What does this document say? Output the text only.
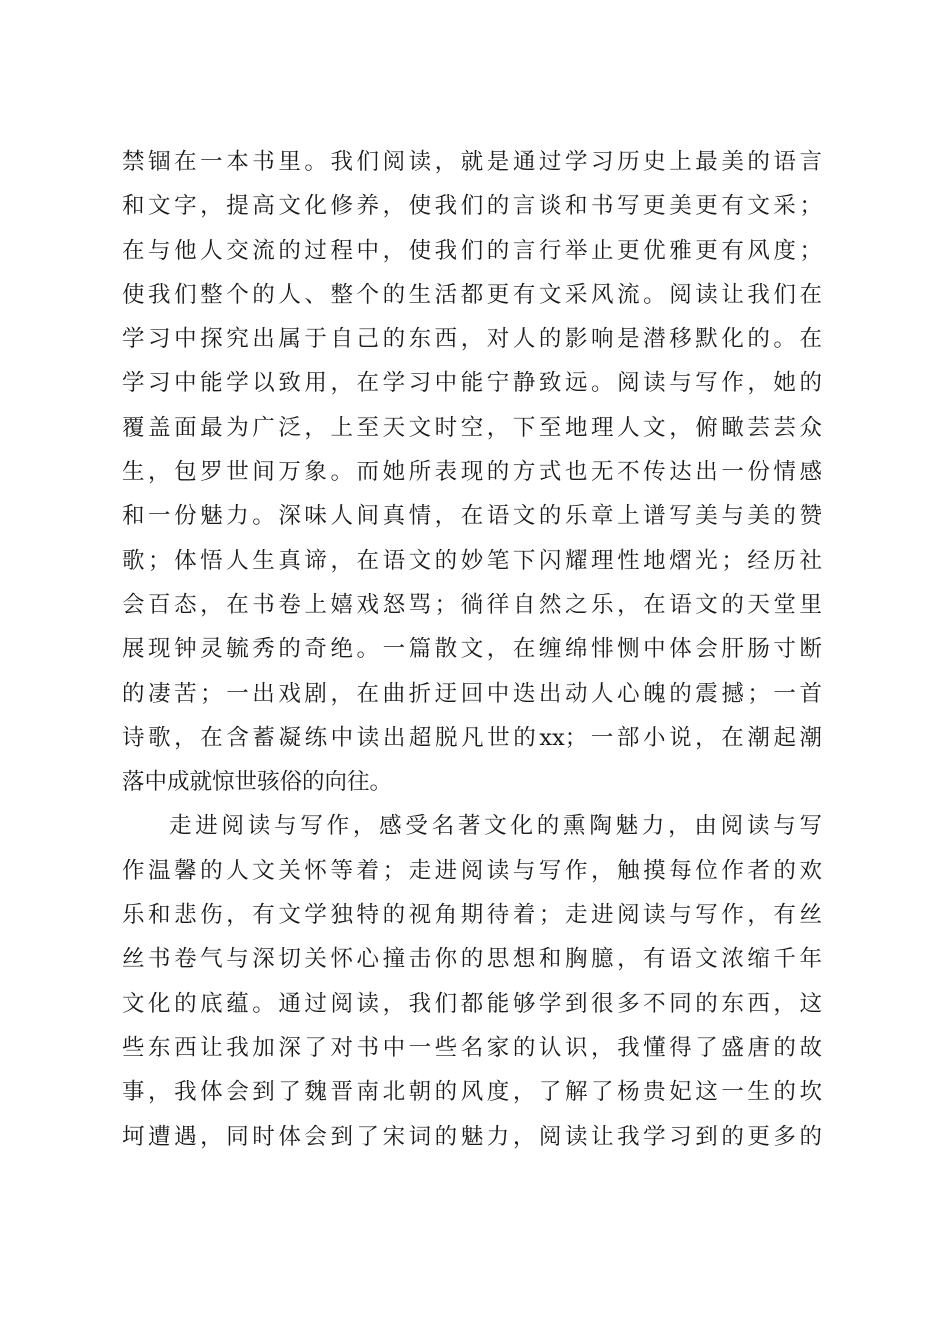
禁锢在一本书里。我们阅读，就是通过学习历史上最美的语言
和文字，提高文化修养，使我们的言谈和书写更美更有文采；
在与他人交流的过程中，使我们的言行举止更优雅更有风度；
使我们整个的人、整个的生活都更有文采风流。阅读让我们在
学习中探究出属于自己的东西，对人的影响是潜移默化的。在
学习中能学以致用，在学习中能宁静致远。阅读与写作，她的
覆盖面最为广泛，上至天文时空，下至地理人文，俯瞰芸芸众
生，包罗世间万象。而她所表现的方式也无不传达出一份情感
和一份魅力。深味人间真情，在语文的乐章上谱写美与美的赞
歌；体悟人生真谛，在语文的妙笔下闪耀理性地熠光；经历社
会百态，在书卷上嬉戏怒骂；徜徉自然之乐，在语文的天堂里
展现钟灵毓秀的奇绝。一篇散文，在缠绵悱恻中体会肝肠寸断
的凄苦；一出戏剧，在曲折迂回中迭出动人心魄的震撼；一首
诗歌，在含蓄凝练中读出超脱凡世的xx；一部小说，在潮起潮
落中成就惊世骇俗的向往。
走进阅读与写作，感受名著文化的熏陶魅力，由阅读与写
作温馨的人文关怀等着；走进阅读与写作，触摸每位作者的欢
乐和悲伤，有文学独特的视角期待着；走进阅读与写作，有丝
丝书卷气与深切关怀心撞击你的思想和胸臆，有语文浓缩千年
文化的底蕴。通过阅读，我们都能够学到很多不同的东西，这
些东西让我加深了对书中一些名家的认识，我懂得了盛唐的故
事，我体会到了魏晋南北朝的风度，了解了杨贵妃这一生的坎
坷遭遇，同时体会到了宋词的魅力，阅读让我学习到的更多的
